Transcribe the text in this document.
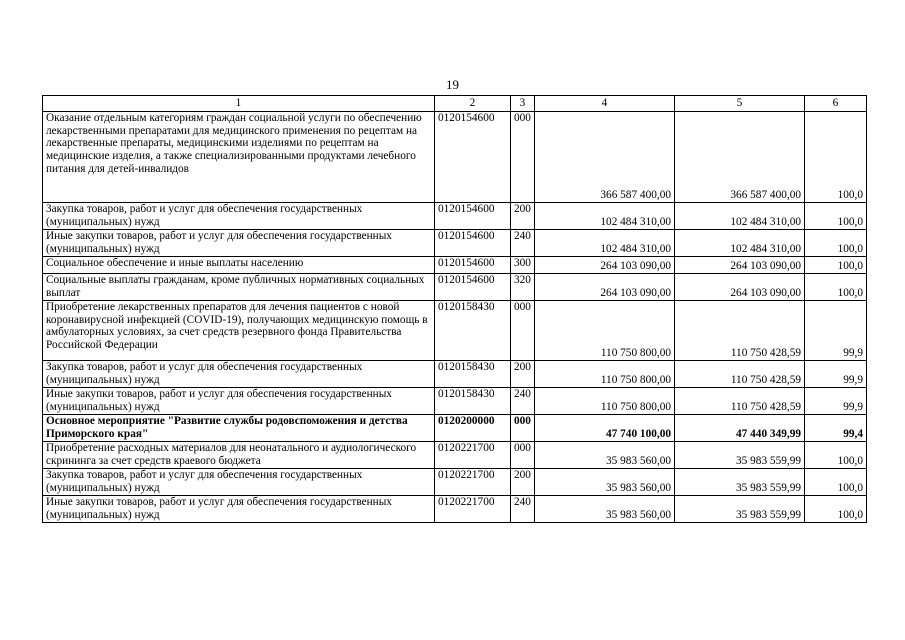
19
1	2	3	4	5	6
Оказание отдельным категориям граждан социальной услуги по обеспечению лекарственными препаратами для медицинского применения по рецептам на лекарственные препараты, медицинскими изделиями по рецептам на медицинские изделия, а также специализированными продуктами лечебного питания для детей-инвалидов	0120154600	000	366 587 400,00	366 587 400,00	100,0
Закупка товаров, работ и услуг для обеспечения государственных (муниципальных) нужд	0120154600	200	102 484 310,00	102 484 310,00	100,0
Иные закупки товаров, работ и услуг для обеспечения государственных (муниципальных) нужд	0120154600	240	102 484 310,00	102 484 310,00	100,0
Социальное обеспечение и иные выплаты населению	0120154600	300	264 103 090,00	264 103 090,00	100,0
Социальные выплаты гражданам, кроме публичных нормативных социальных выплат	0120154600	320	264 103 090,00	264 103 090,00	100,0
Приобретение лекарственных препаратов для лечения пациентов с новой коронавирусной инфекцией (COVID-19), получающих медицинскую помощь в амбулаторных условиях, за счет средств резервного фонда Правительства Российской Федерации	0120158430	000	110 750 800,00	110 750 428,59	99,9
Закупка товаров, работ и услуг для обеспечения государственных (муниципальных) нужд	0120158430	200	110 750 800,00	110 750 428,59	99,9
Иные закупки товаров, работ и услуг для обеспечения государственных (муниципальных) нужд	0120158430	240	110 750 800,00	110 750 428,59	99,9
Основное мероприятие "Развитие службы родовспоможения и детства Приморского края"	0120200000	000	47 740 100,00	47 440 349,99	99,4
Приобретение расходных материалов для неонатального и аудиологического скрининга за счет средств краевого бюджета	0120221700	000	35 983 560,00	35 983 559,99	100,0
Закупка товаров, работ и услуг для обеспечения государственных (муниципальных) нужд	0120221700	200	35 983 560,00	35 983 559,99	100,0
Иные закупки товаров, работ и услуг для обеспечения государственных (муниципальных) нужд	0120221700	240	35 983 560,00	35 983 559,99	100,0
